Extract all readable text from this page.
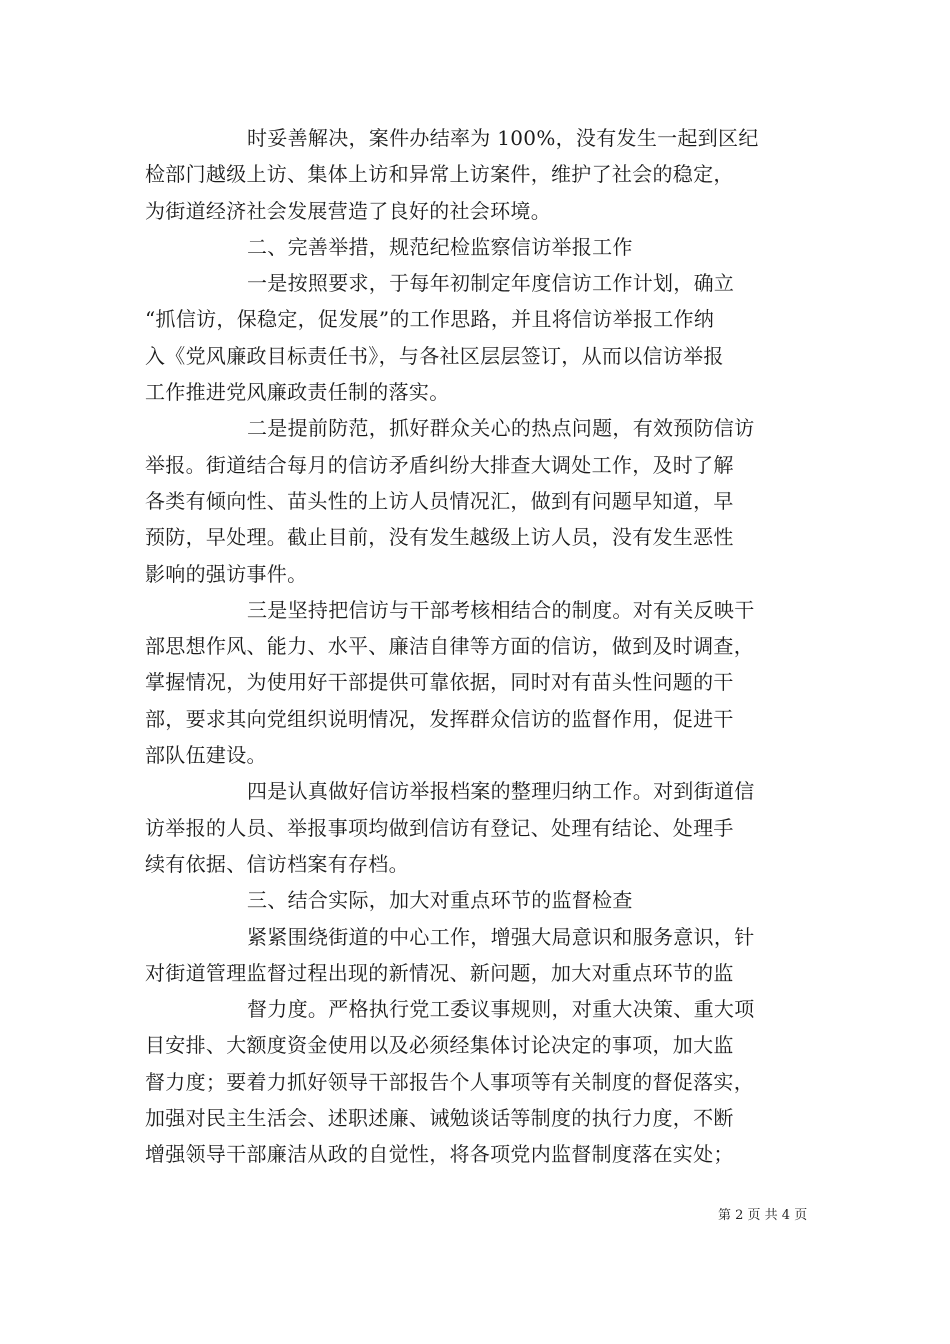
时妥善解决，案件办结率为 100%，没有发生一起到区纪
检部门越级上访、集体上访和异常上访案件，维护了社会的稳定，
为街道经济社会发展营造了良好的社会环境。
二、完善举措，规范纪检监察信访举报工作
一是按照要求，于每年初制定年度信访工作计划，确立
“抓信访，保稳定，促发展”的工作思路，并且将信访举报工作纳
入《党风廉政目标责任书》，与各社区层层签订，从而以信访举报
工作推进党风廉政责任制的落实。
二是提前防范，抓好群众关心的热点问题，有效预防信访
举报。街道结合每月的信访矛盾纠纷大排查大调处工作，及时了解
各类有倾向性、苗头性的上访人员情况汇，做到有问题早知道，早
预防，早处理。截止目前，没有发生越级上访人员，没有发生恶性
影响的强访事件。
三是坚持把信访与干部考核相结合的制度。对有关反映干
部思想作风、能力、水平、廉洁自律等方面的信访，做到及时调查，
掌握情况，为使用好干部提供可靠依据，同时对有苗头性问题的干
部，要求其向党组织说明情况，发挥群众信访的监督作用，促进干
部队伍建设。
四是认真做好信访举报档案的整理归纳工作。对到街道信
访举报的人员、举报事项均做到信访有登记、处理有结论、处理手
续有依据、信访档案有存档。
三、结合实际，加大对重点环节的监督检查
紧紧围绕街道的中心工作，增强大局意识和服务意识，针
对街道管理监督过程出现的新情况、新问题，加大对重点环节的监
督力度。严格执行党工委议事规则，对重大决策、重大项
目安排、大额度资金使用以及必须经集体讨论决定的事项，加大监
督力度；要着力抓好领导干部报告个人事项等有关制度的督促落实，
加强对民主生活会、述职述廉、诫勉谈话等制度的执行力度，不断
增强领导干部廉洁从政的自觉性，将各项党内监督制度落在实处；
第 2 页 共 4 页
